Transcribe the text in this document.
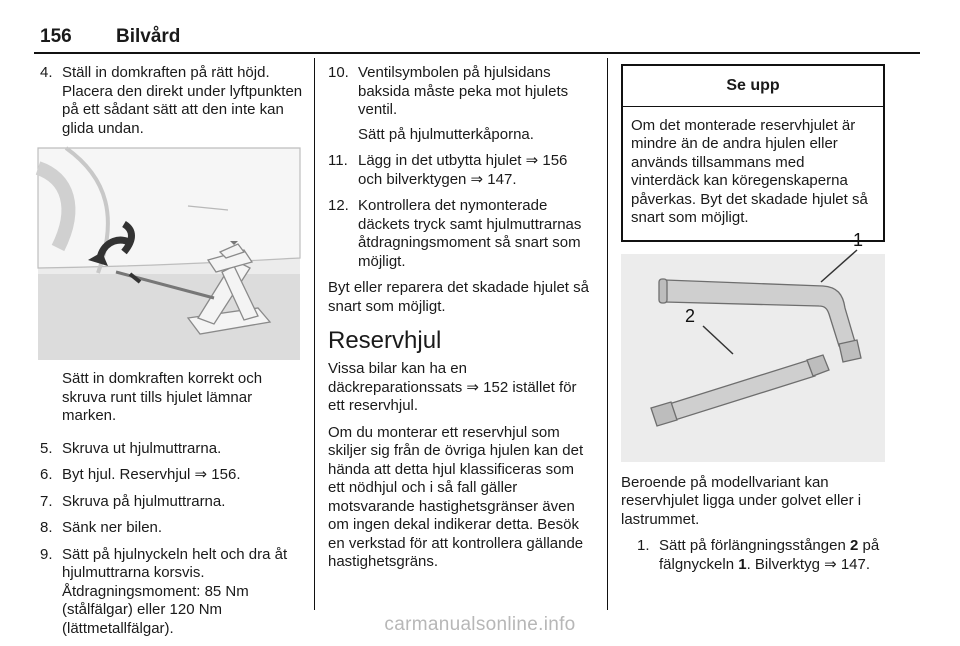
156 Bilvård
4. Ställ in domkraften på rätt höjd. Placera den direkt under lyftpunkten på ett sådant sätt att den inte kan glida undan.
Sätt in domkraften korrekt och skruva runt tills hjulet lämnar marken.
5. Skruva ut hjulmuttrarna.
6. Byt hjul. Reservhjul ⇒ 156.
7. Skruva på hjulmuttrarna.
8. Sänk ner bilen.
9. Sätt på hjulnyckeln helt och dra åt hjulmuttrarna korsvis. Åtdragningsmoment: 85 Nm (stålfälgar) eller 120 Nm (lättmetallfälgar).
10. Ventilsymbolen på hjulsidans baksida måste peka mot hjulets ventil.
Sätt på hjulmutterkåporna.
11. Lägg in det utbytta hjulet ⇒ 156 och bilverktygen ⇒ 147.
12. Kontrollera det nymonterade däckets tryck samt hjulmuttrarnas åtdragningsmoment så snart som möjligt.

Byt eller reparera det skadade hjulet så snart som möjligt.

Reservhjul

Vissa bilar kan ha en däckreparationssats ⇒ 152 istället för ett reservhjul.

Om du monterar ett reservhjul som skiljer sig från de övriga hjulen kan det hända att detta hjul klassificeras som ett nödhjul och i så fall gäller motsvarande hastighetsgränser även om ingen dekal indikerar detta. Besök en verkstad för att kontrollera gällande hastighetsgräns.

Se upp
Om det monterade reservhjulet är mindre än de andra hjulen eller används tillsammans med vinterdäck kan köregenskaperna påverkas. Byt det skadade hjulet så snart som möjligt.
1
2

Beroende på modellvariant kan reservhjulet ligga under golvet eller i lastrummet.

1. Sätt på förlängningsstången 2 på fälgnyckeln 1. Bilverktyg ⇒ 147.
carmanualsonline.info
